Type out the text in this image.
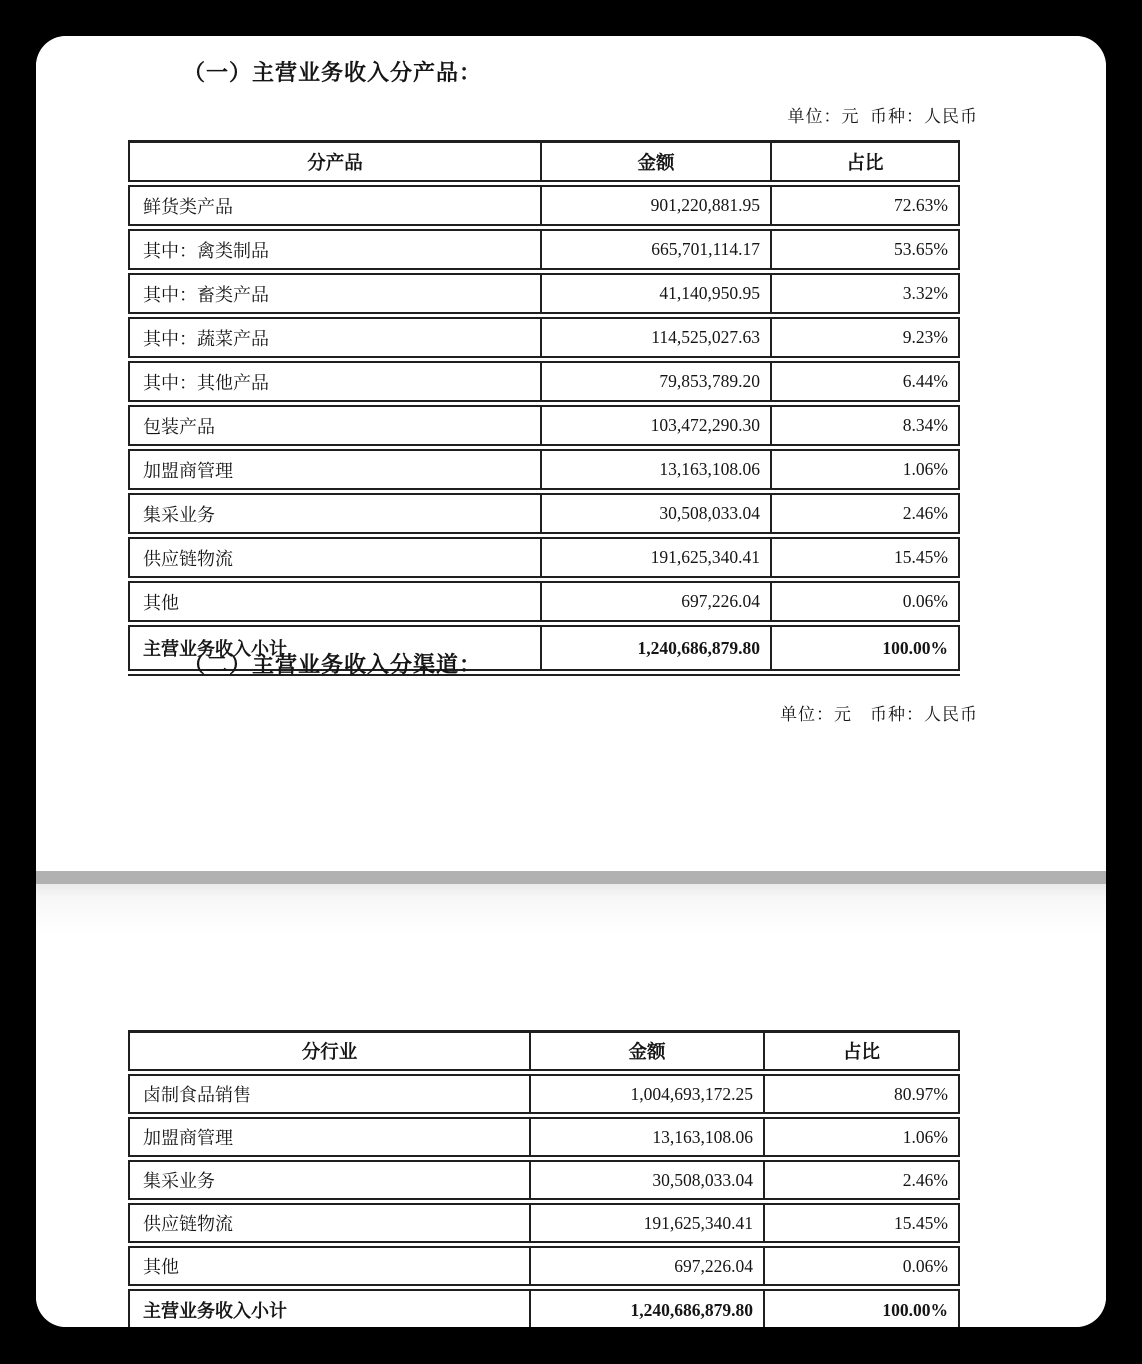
（一）主营业务收入分产品：
单位：元  币种：人民币
分产品	金额	占比
鲜货类产品	901,220,881.95	72.63%
其中：禽类制品	665,701,114.17	53.65%
其中：畜类产品	41,140,950.95	3.32%
其中：蔬菜产品	114,525,027.63	9.23%
其中：其他产品	79,853,789.20	6.44%
包装产品	103,472,290.30	8.34%
加盟商管理	13,163,108.06	1.06%
集采业务	30,508,033.04	2.46%
供应链物流	191,625,340.41	15.45%
其他	697,226.04	0.06%
主营业务收入小计	1,240,686,879.80	100.00%
（二）主营业务收入分渠道：
单位：元　币种：人民币
分行业	金额	占比
卤制食品销售	1,004,693,172.25	80.97%
加盟商管理	13,163,108.06	1.06%
集采业务	30,508,033.04	2.46%
供应链物流	191,625,340.41	15.45%
其他	697,226.04	0.06%
主营业务收入小计	1,240,686,879.80	100.00%
